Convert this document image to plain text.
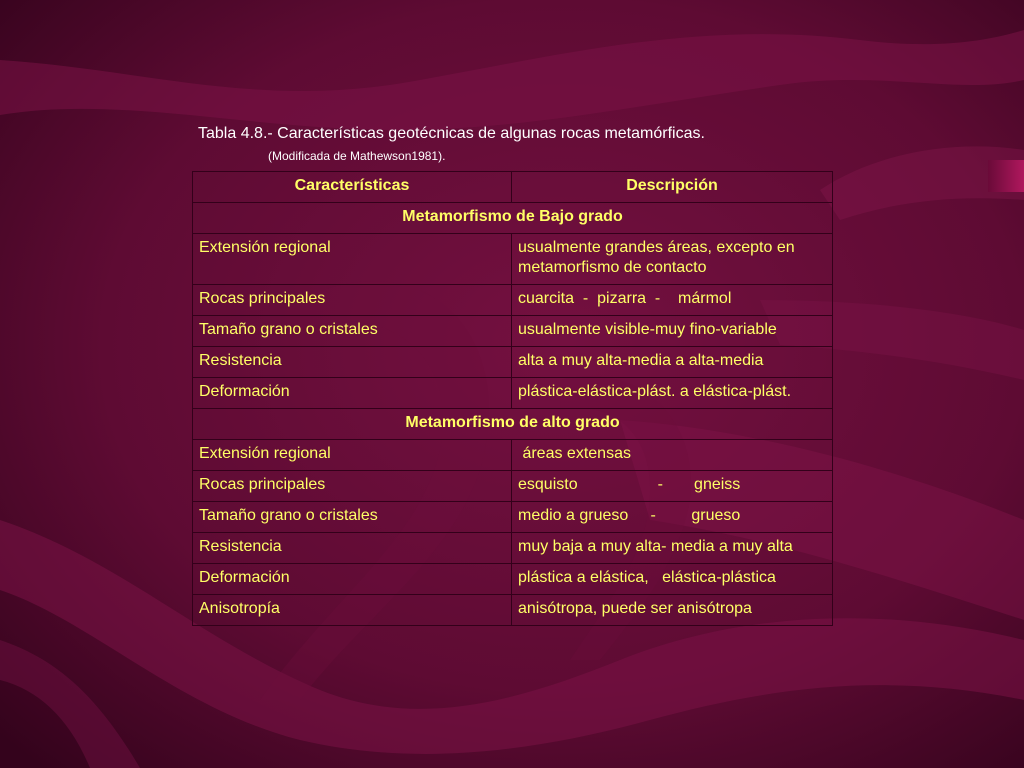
Tabla 4.8.- Características geotécnicas de algunas rocas metamórficas.
(Modificada de Mathewson1981).
Características	Descripción
Metamorfismo de Bajo grado	
Extensión regional	usualmente grandes áreas, excepto en metamorfismo de contacto
Rocas principales	cuarcita  -  pizarra  -    mármol
Tamaño grano o cristales	usualmente visible-muy fino-variable
Resistencia	alta a muy alta-media a alta-media
Deformación	plástica-elástica-plást. a elástica-plást.
Metamorfismo de alto grado	
Extensión regional	áreas extensas
Rocas principales	esquisto                  -       gneiss
Tamaño grano o cristales	medio a grueso     -        grueso
Resistencia	muy baja a muy alta- media a muy alta
Deformación	plástica a elástica,   elástica-plástica
Anisotropía	anisótropa, puede ser anisótropa
